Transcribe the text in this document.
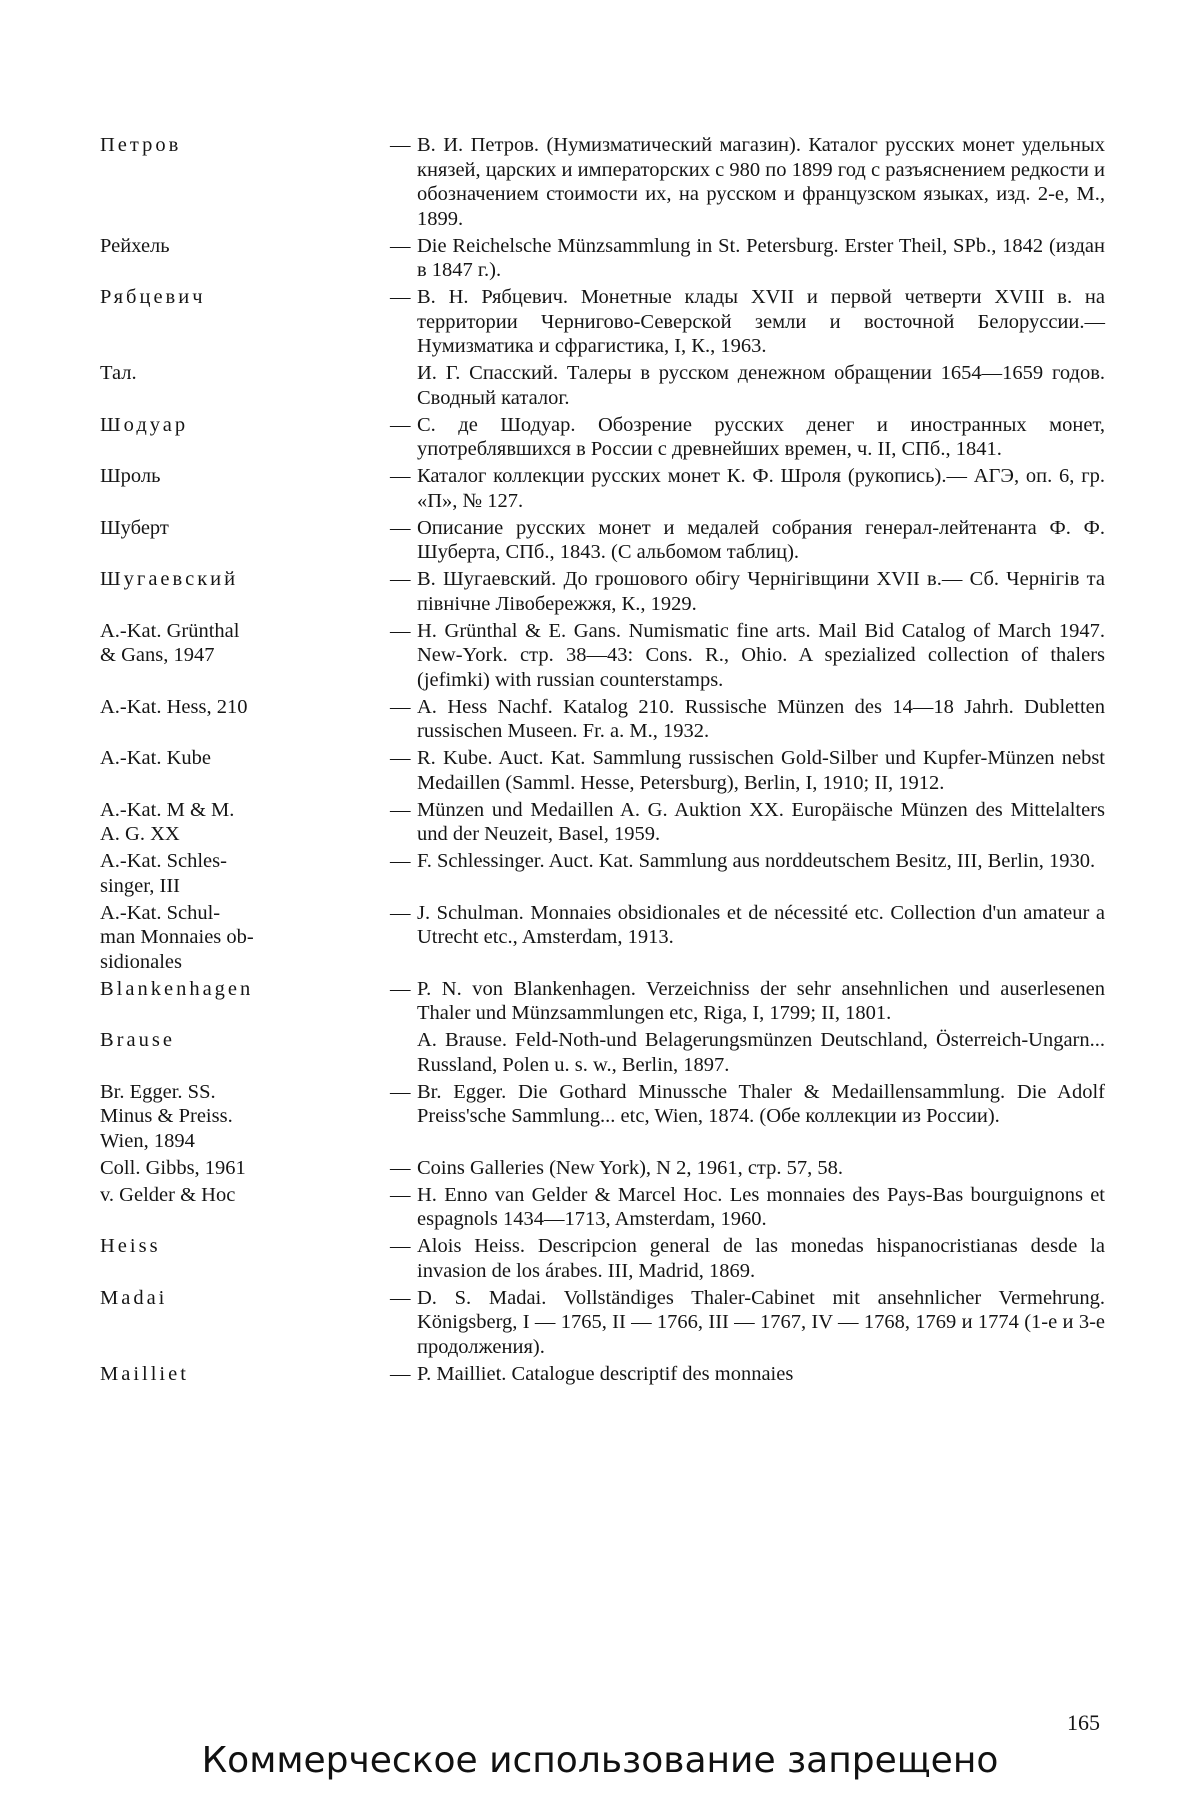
Петров	— В. И. Петров. (Нумизматический магазин). Каталог русских монет удельных князей, царских и императорских с 980 по 1899 год с разъяснением редкости и обозначением стоимости их, на русском и французском языках, изд. 2-е, М., 1899.
Рейхель	— Die Reichelsche Münzsammlung in St. Petersburg. Erster Theil, SPb., 1842 (издан в 1847 г.).
Рябцевич	— В. Н. Рябцевич. Монетные клады XVII и первой четверти XVIII в. на территории Чернигово-Северской земли и восточной Белоруссии.— Нумизматика и сфрагистика, I, К., 1963.
Тал.	И. Г. Спасский. Талеры в русском денежном обращении 1654—1659 годов. Сводный каталог.
Шодуар	— С. де Шодуар. Обозрение русских денег и иностранных монет, употреблявшихся в России с древнейших времен, ч. II, СПб., 1841.
Шроль	— Каталог коллекции русских монет К. Ф. Шроля (рукопись).— АГЭ, оп. 6, гр. «П», № 127.
Шуберт	— Описание русских монет и медалей собрания генерал-лейтенанта Ф. Ф. Шуберта, СПб., 1843. (С альбомом таблиц).
Шугаевский	— В. Шугаевский. До грошового обігу Чернігівщини XVII в.— Сб. Чернігів та північне Лівобережжя, К., 1929.
A.-Kat. Grünthal
& Gans, 1947
— H. Grünthal & E. Gans. Numismatic fine arts. Mail Bid Catalog of March 1947. New-York. стр. 38—43: Cons. R., Ohio. A spezialized collection of thalers (jefimki) with russian counterstamps.
A.-Kat. Hess, 210	— A. Hess Nachf. Katalog 210. Russische Münzen des 14—18 Jahrh. Dubletten russischen Museen. Fr. a. M., 1932.
A.-Kat. Kube	— R. Kube. Auct. Kat. Sammlung russischen Gold-Silber und Kupfer-Münzen nebst Medaillen (Samml. Hesse, Petersburg), Berlin, I, 1910; II, 1912.
A.-Kat. M & M.
A. G. XX
— Münzen und Medaillen A. G. Auktion XX. Europäische Münzen des Mittelalters und der Neuzeit, Basel, 1959.
A.-Kat. Schles-
singer, III
— F. Schlessinger. Auct. Kat. Sammlung aus norddeutschem Besitz, III, Berlin, 1930.
A.-Kat. Schul-
man Monnaies ob-
sidionales
— J. Schulman. Monnaies obsidionales et de nécessité etc. Collection d'un amateur a Utrecht etc., Amsterdam, 1913.
Blankenhagen	— P. N. von Blankenhagen. Verzeichniss der sehr ansehnlichen und auserlesenen Thaler und Münzsammlungen etc, Riga, I, 1799; II, 1801.
Brause	A. Brause. Feld-Noth-und Belagerungsmünzen Deutschland, Österreich-Ungarn... Russland, Polen u. s. w., Berlin, 1897.
Br. Egger. SS.
Minus & Preiss.
Wien, 1894
— Br. Egger. Die Gothard Minussche Thaler & Medaillensammlung. Die Adolf Preiss'sche Sammlung... etc, Wien, 1874. (Обе коллекции из России).
Coll. Gibbs, 1961	— Coins Galleries (New York), N 2, 1961, стр. 57, 58.
v. Gelder & Hoc	— H. Enno van Gelder & Marcel Hoc. Les monnaies des Pays-Bas bourguignons et espagnols 1434—1713, Amsterdam, 1960.
Heiss	— Alois Heiss. Descripcion general de las monedas hispanocristianas desde la invasion de los árabes. III, Madrid, 1869.
Madai	— D. S. Madai. Vollständiges Thaler-Cabinet mit ansehnlicher Vermehrung. Königsberg, I — 1765, II — 1766, III — 1767, IV — 1768, 1769 и 1774 (1-е и 3-е продолжения).
Mailliet	— P. Mailliet. Catalogue descriptif des monnaies
165
Коммерческое использование запрещено
